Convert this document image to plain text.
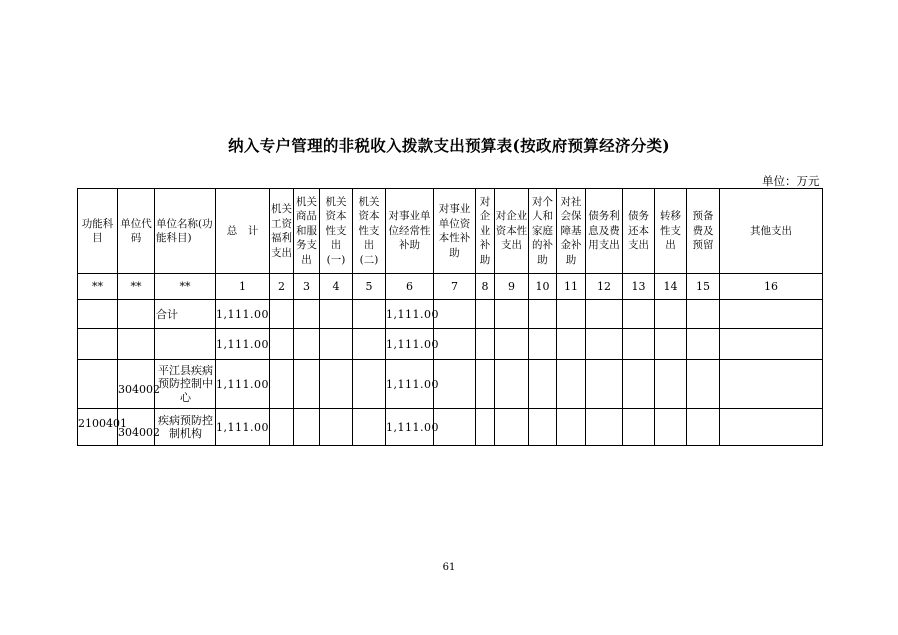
纳入专户管理的非税收入拨款支出预算表(按政府预算经济分类)
单位：万元
功能科目	单位代码	单位名称(功能科目)	总　计	机关工资福利支出	机关商品和服务支出	机关资本性支出(一)	机关资本性支出(二)	对事业单位经常性补助	对事业单位资本性补助	对企业补助	对企业资本性支出	对个人和家庭的补助	对社会保障基金补助	债务利息及费用支出	债务还本支出	转移性支出	预备费及预留	其他支出
**	**	**	1	2	3	4	5	6	7	8	9	10	11	12	13	14	15	16
		合计	1,111.00					1,111.00										
			1,111.00					1,111.00										
	304002	平江县疾病预防控制中心	1,111.00					1,111.00										
2100401	304002	疾病预防控制机构	1,111.00					1,111.00										
61
